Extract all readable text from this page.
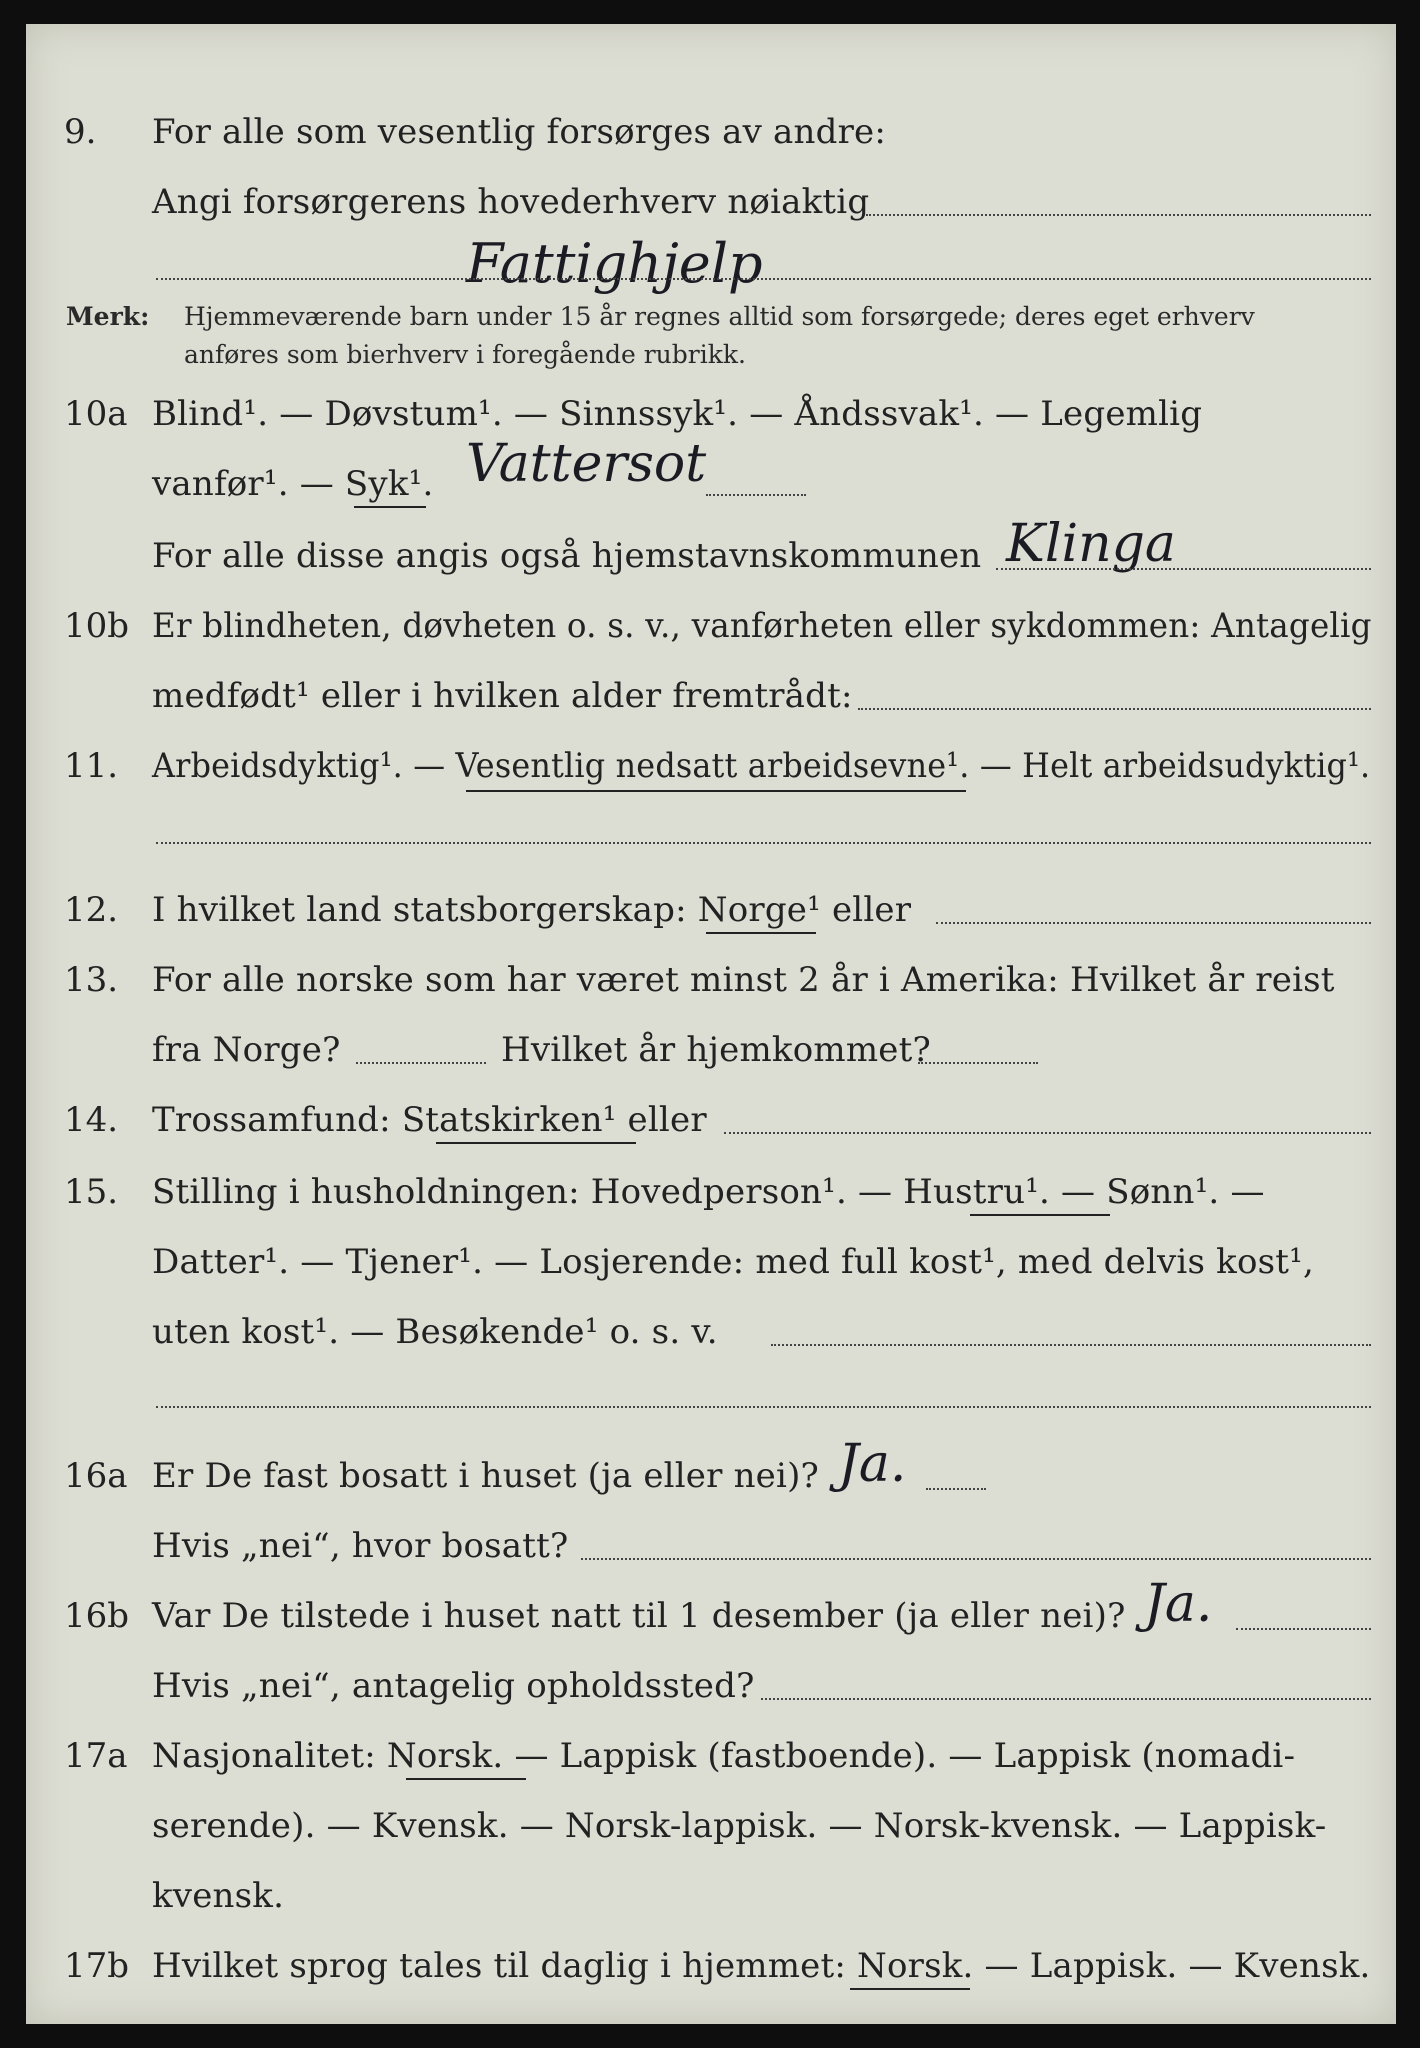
9. For alle som vesentlig forsørges av andre:
Angi forsørgerens hovederhverv nøiaktig
Fattighjelp
Merk: Hjemmeværende barn under 15 år regnes alltid som forsørgede; deres eget erhverv
anføres som bierhverv i foregående rubrikk.
10a Blind¹. — Døvstum¹. — Sinnssyk¹. — Åndssvak¹. — Legemlig
vanfør¹. — Syk¹. Vattersot
For alle disse angis også hjemstavnskommunen Klinga
10b Er blindheten, døvheten o. s. v., vanførheten eller sykdommen: Antagelig
medfødt¹ eller i hvilken alder fremtrådt:
11. Arbeidsdyktig¹. — Vesentlig nedsatt arbeidsevne¹. — Helt arbeidsudyktig¹.
12. I hvilket land statsborgerskap: Norge¹ eller
13. For alle norske som har været minst 2 år i Amerika: Hvilket år reist
fra Norge?	Hvilket år hjemkommet?
14. Trossamfund: Statskirken¹ eller
15. Stilling i husholdningen: Hovedperson¹. — Hustru¹. — Sønn¹. —
Datter¹. — Tjener¹. — Losjerende: med full kost¹, med delvis kost¹,
uten kost¹. — Besøkende¹ o. s. v.
16a Er De fast bosatt i huset (ja eller nei)? Ja.
Hvis „nei“, hvor bosatt?
16b Var De tilstede i huset natt til 1 desember (ja eller nei)? Ja.
Hvis „nei“, antagelig opholdssted?
17a Nasjonalitet: Norsk. — Lappisk (fastboende). — Lappisk (nomadi-
serende). — Kvensk. — Norsk-lappisk. — Norsk-kvensk. — Lappisk-
kvensk.
17b Hvilket sprog tales til daglig i hjemmet: Norsk. — Lappisk. — Kvensk.
